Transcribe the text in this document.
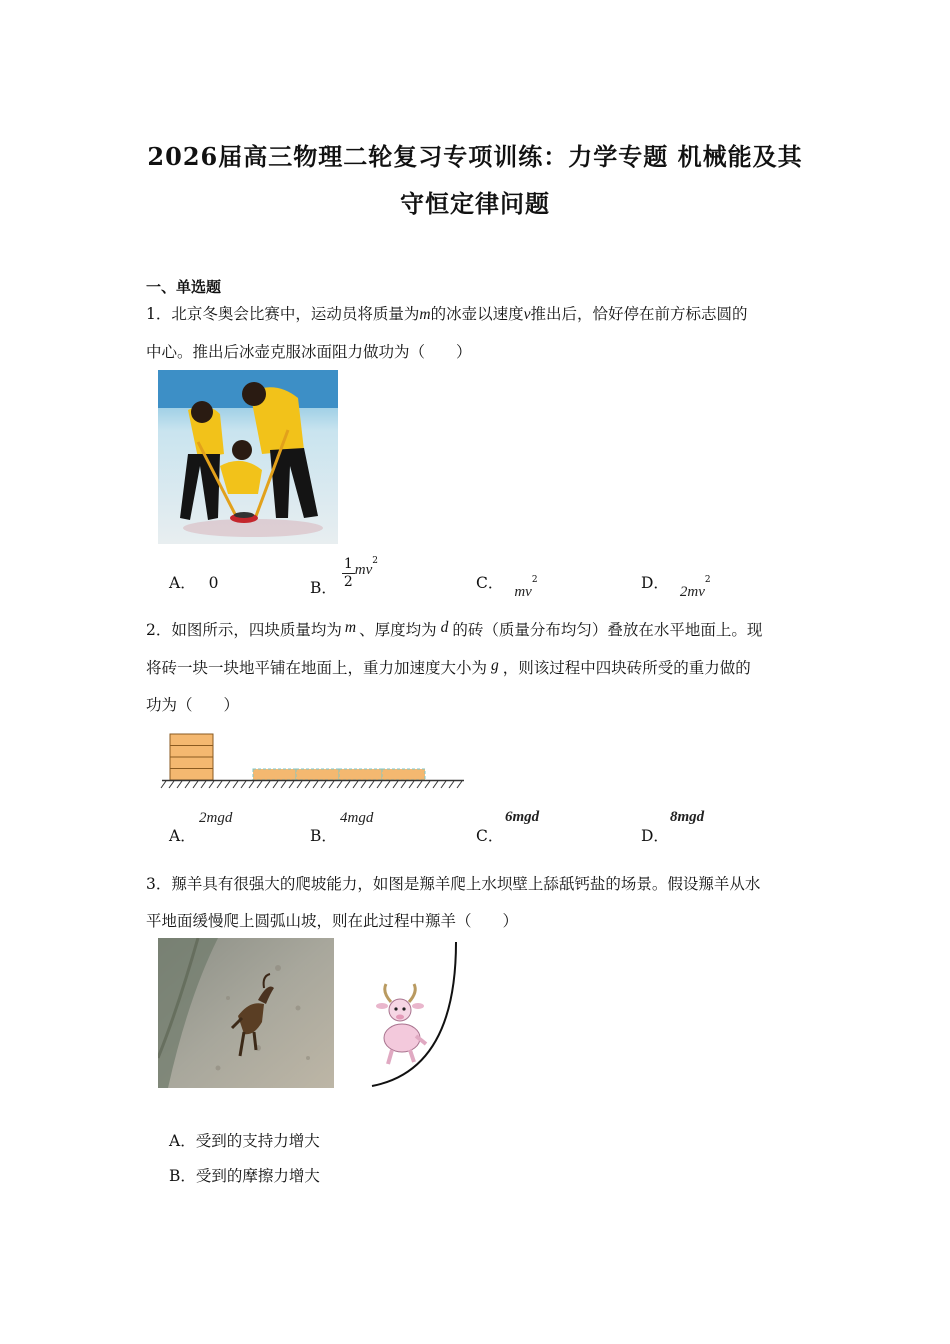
2026届高三物理二轮复习专项训练：力学专题 机械能及其
守恒定律问题
一、单选题
1．北京冬奥会比赛中，运动员将质量为m的冰壶以速度v推出后，恰好停在前方标志圆的
中心。推出后冰壶克服冰面阻力做功为（　　）
A． 0	B． $\frac{1}{2} mv^2$
C． $mv^2$	D． $2mv^2$
2．如图所示，四块质量均为 m 、厚度均为 d 的砖（质量分布均匀）叠放在水平地面上。现
将砖一块一块地平铺在地面上，重力加速度大小为 g ，则该过程中四块砖所受的重力做的
功为（　　）
A．
2mgd
B．
4mgd
C．
6mgd
D．
8mgd
3．羱羊具有很强大的爬坡能力，如图是羱羊爬上水坝壁上舔舐钙盐的场景。假设羱羊从水
平地面缓慢爬上圆弧山坡，则在此过程中羱羊（　　）
A．受到的支持力增大
B．受到的摩擦力增大
